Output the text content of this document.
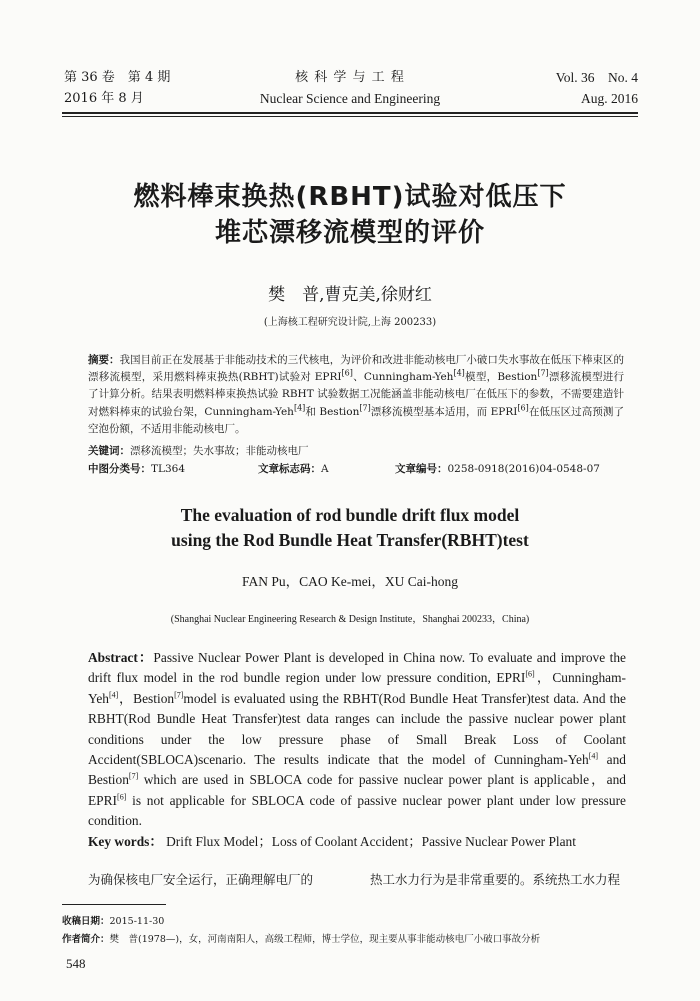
第 36 卷　第 4 期
2016 年 8 月
核 科 学 与 工 程
Nuclear Science and Engineering
Vol. 36　No. 4
Aug. 2016
燃料棒束换热(RBHT)试验对低压下
堆芯漂移流模型的评价
樊　普,曹克美,徐财红
(上海核工程研究设计院,上海 200233)
摘要：我国目前正在发展基于非能动技术的三代核电，为评价和改进非能动核电厂小破口失水事故在低压下棒束区的漂移流模型，采用燃料棒束换热(RBHT)试验对 EPRI[6]、Cunningham-Yeh[4]模型，Bestion[7]漂移流模型进行了计算分析。结果表明燃料棒束换热试验 RBHT 试验数据工况能涵盖非能动核电厂在低压下的参数，不需要建造针对燃料棒束的试验台架，Cunningham-Yeh[4]和 Bestion[7]漂移流模型基本适用，而 EPRI[6]在低压区过高预测了空泡份额，不适用非能动核电厂。
关键词：漂移流模型；失水事故；非能动核电厂
中图分类号：TL364	文章标志码：A	文章编号：0258-0918(2016)04-0548-07
The evaluation of rod bundle drift flux model
using the Rod Bundle Heat Transfer(RBHT)test
FAN Pu，CAO Ke-mei，XU Cai-hong
(Shanghai Nuclear Engineering Research & Design Institute，Shanghai 200233，China)
Abstract：Passive Nuclear Power Plant is developed in China now. To evaluate and improve the drift flux model in the rod bundle region under low pressure condition, EPRI[6]，Cunningham-Yeh[4]，Bestion[7]model is evaluated using the RBHT(Rod Bundle Heat Transfer)test data. And the RBHT(Rod Bundle Heat Transfer)test data ranges can include the passive nuclear power plant conditions under the low pressure phase of Small Break Loss of Coolant Accident(SBLOCA)scenario. The results indicate that the model of Cunningham-Yeh[4] and Bestion[7] which are used in SBLOCA code for passive nuclear power plant is applicable，and EPRI[6] is not applicable for SBLOCA code of passive nuclear power plant under low pressure condition.
Key words： Drift Flux Model；Loss of Coolant Accident；Passive Nuclear Power Plant
为确保核电厂安全运行，正确理解电厂的	热工水力行为是非常重要的。系统热工水力程
收稿日期：2015-11-30
作者简介：樊　普(1978—)，女，河南南阳人，高级工程师，博士学位，现主要从事非能动核电厂小破口事故分析
548
